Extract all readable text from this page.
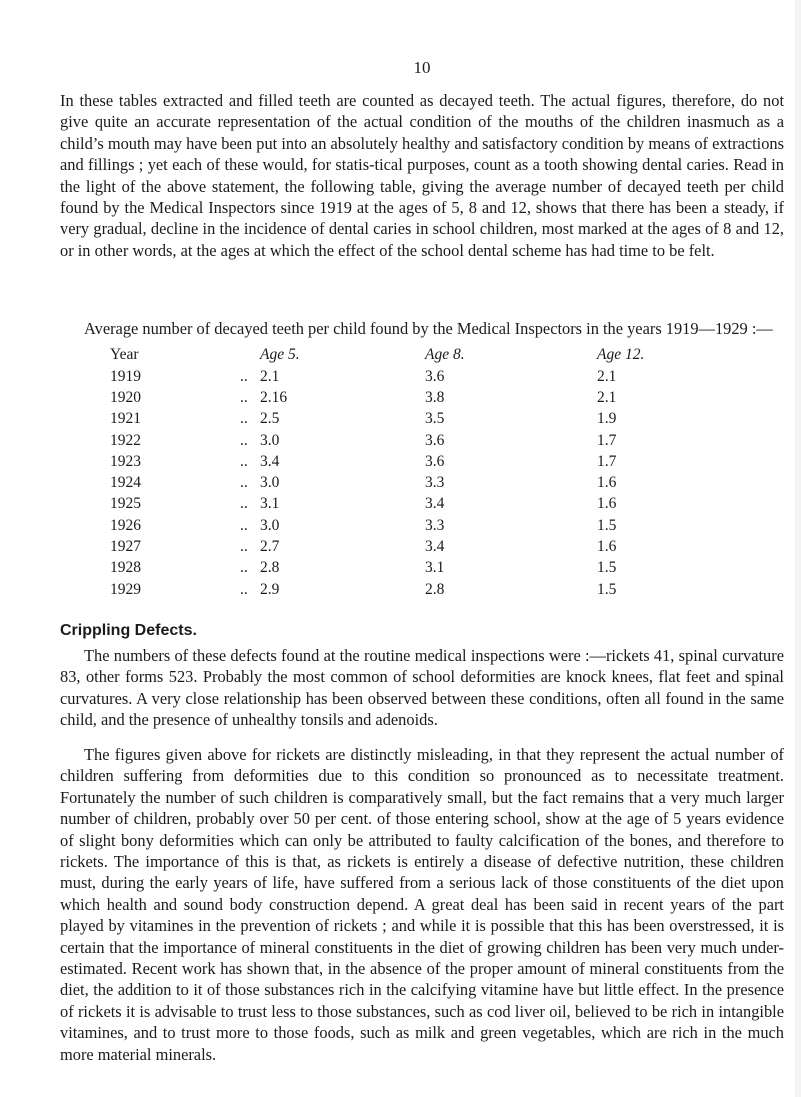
10

In these tables extracted and filled teeth are counted as decayed teeth. The actual figures, therefore, do not give quite an accurate representation of the actual condition of the mouths of the children inasmuch as a child’s mouth may have been put into an absolutely healthy and satisfactory condition by means of extractions and fillings ; yet each of these would, for statis-tical purposes, count as a tooth showing dental caries. Read in the light of the above statement, the following table, giving the average number of decayed teeth per child found by the Medical Inspectors since 1919 at the ages of 5, 8 and 12, shows that there has been a steady, if very gradual, decline in the incidence of dental caries in school children, most marked at the ages of 8 and 12, or in other words, at the ages at which the effect of the school dental scheme has had time to be felt.

Average number of decayed teeth per child found by the Medical Inspectors in the years 1919—1929 :—

Year		Age 5.	Age 8.	Age 12.
1919	..	2.1	3.6	2.1
1920	..	2.16	3.8	2.1
1921	..	2.5	3.5	1.9
1922	..	3.0	3.6	1.7
1923	..	3.4	3.6	1.7
1924	..	3.0	3.3	1.6
1925	..	3.1	3.4	1.6
1926	..	3.0	3.3	1.5
1927	..	2.7	3.4	1.6
1928	..	2.8	3.1	1.5
1929	..	2.9	2.8	1.5
Crippling Defects.

The numbers of these defects found at the routine medical inspections were :—rickets 41, spinal curvature 83, other forms 523. Probably the most common of school deformities are knock knees, flat feet and spinal curvatures. A very close relationship has been observed between these conditions, often all found in the same child, and the presence of unhealthy tonsils and adenoids.

The figures given above for rickets are distinctly misleading, in that they represent the actual number of children suffering from deformities due to this condition so pronounced as to necessitate treatment. Fortunately the number of such children is comparatively small, but the fact remains that a very much larger number of children, probably over 50 per cent. of those entering school, show at the age of 5 years evidence of slight bony deformities which can only be attributed to faulty calcification of the bones, and therefore to rickets. The importance of this is that, as rickets is entirely a disease of defective nutrition, these children must, during the early years of life, have suffered from a serious lack of those constituents of the diet upon which health and sound body construction depend. A great deal has been said in recent years of the part played by vitamines in the prevention of rickets ; and while it is possible that this has been overstressed, it is certain that the importance of mineral constituents in the diet of growing children has been very much under-estimated. Recent work has shown that, in the absence of the proper amount of mineral constituents from the diet, the addition to it of those substances rich in the calcifying vitamine have but little effect. In the presence of rickets it is advisable to trust less to those substances, such as cod liver oil, believed to be rich in intangible vitamines, and to trust more to those foods, such as milk and green vegetables, which are rich in the much more material minerals.
